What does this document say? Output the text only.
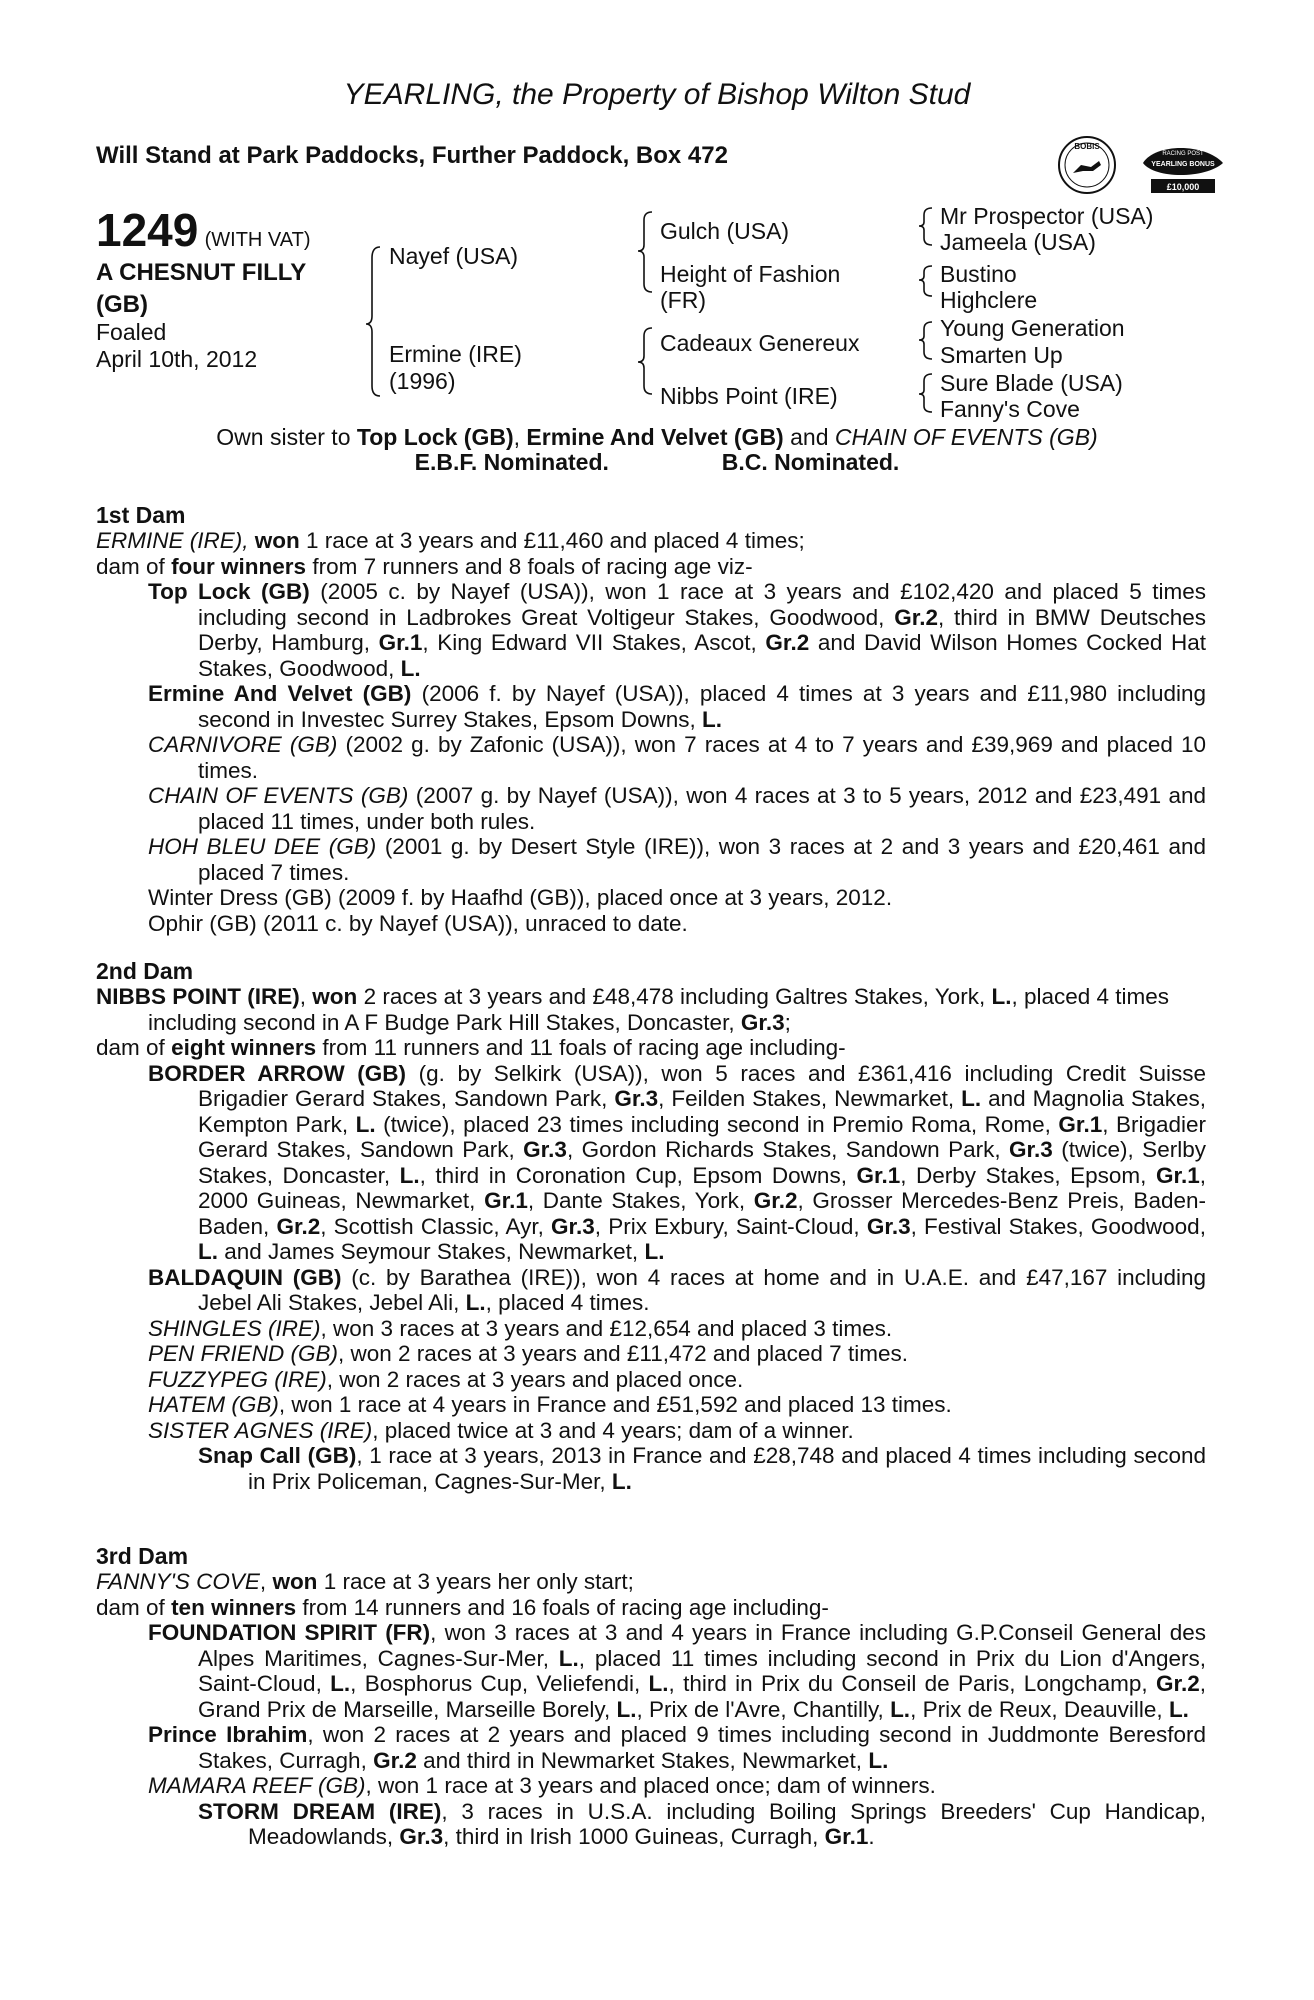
YEARLING, the Property of Bishop Wilton Stud
Will Stand at Park Paddocks, Further Paddock, Box 472	BOBIS
RACING POST
YEARLING BONUS
£10,000
1249 (WITH VAT)
A CHESNUT FILLY
(GB)
Foaled
April 10th, 2012
Nayef (USA)
Ermine (IRE)
(1996)
Gulch (USA)
Height of Fashion
(FR)
Cadeaux Genereux
Nibbs Point (IRE)
Mr Prospector (USA)
Jameela (USA)
Bustino
Highclere
Young Generation
Smarten Up
Sure Blade (USA)
Fanny's Cove
Own sister to Top Lock (GB), Ermine And Velvet (GB) and CHAIN OF EVENTS (GB)
E.B.F. Nominated.	B.C. Nominated.
1st Dam
ERMINE (IRE), won 1 race at 3 years and £11,460 and placed 4 times;
dam of four winners from 7 runners and 8 foals of racing age viz-
Top Lock (GB) (2005 c. by Nayef (USA)), won 1 race at 3 years and £102,420 and placed 5 times including second in Ladbrokes Great Voltigeur Stakes, Goodwood, Gr.2, third in BMW Deutsches Derby, Hamburg, Gr.1, King Edward VII Stakes, Ascot, Gr.2 and David Wilson Homes Cocked Hat Stakes, Goodwood, L.
Ermine And Velvet (GB) (2006 f. by Nayef (USA)), placed 4 times at 3 years and £11,980 including second in Investec Surrey Stakes, Epsom Downs, L.
CARNIVORE (GB) (2002 g. by Zafonic (USA)), won 7 races at 4 to 7 years and £39,969 and placed 10 times.
CHAIN OF EVENTS (GB) (2007 g. by Nayef (USA)), won 4 races at 3 to 5 years, 2012 and £23,491 and placed 11 times, under both rules.
HOH BLEU DEE (GB) (2001 g. by Desert Style (IRE)), won 3 races at 2 and 3 years and £20,461 and placed 7 times.
Winter Dress (GB) (2009 f. by Haafhd (GB)), placed once at 3 years, 2012.
Ophir (GB) (2011 c. by Nayef (USA)), unraced to date.
2nd Dam
NIBBS POINT (IRE), won 2 races at 3 years and £48,478 including Galtres Stakes, York, L., placed 4 times including second in A F Budge Park Hill Stakes, Doncaster, Gr.3;
dam of eight winners from 11 runners and 11 foals of racing age including-
BORDER ARROW (GB) (g. by Selkirk (USA)), won 5 races and £361,416 including Credit Suisse Brigadier Gerard Stakes, Sandown Park, Gr.3, Feilden Stakes, Newmarket, L. and Magnolia Stakes, Kempton Park, L. (twice), placed 23 times including second in Premio Roma, Rome, Gr.1, Brigadier Gerard Stakes, Sandown Park, Gr.3, Gordon Richards Stakes, Sandown Park, Gr.3 (twice), Serlby Stakes, Doncaster, L., third in Coronation Cup, Epsom Downs, Gr.1, Derby Stakes, Epsom, Gr.1, 2000 Guineas, Newmarket, Gr.1, Dante Stakes, York, Gr.2, Grosser Mercedes-Benz Preis, Baden-Baden, Gr.2, Scottish Classic, Ayr, Gr.3, Prix Exbury, Saint-Cloud, Gr.3, Festival Stakes, Goodwood, L. and James Seymour Stakes, Newmarket, L.
BALDAQUIN (GB) (c. by Barathea (IRE)), won 4 races at home and in U.A.E. and £47,167 including Jebel Ali Stakes, Jebel Ali, L., placed 4 times.
SHINGLES (IRE), won 3 races at 3 years and £12,654 and placed 3 times.
PEN FRIEND (GB), won 2 races at 3 years and £11,472 and placed 7 times.
FUZZYPEG (IRE), won 2 races at 3 years and placed once.
HATEM (GB), won 1 race at 4 years in France and £51,592 and placed 13 times.
SISTER AGNES (IRE), placed twice at 3 and 4 years; dam of a winner.
Snap Call (GB), 1 race at 3 years, 2013 in France and £28,748 and placed 4 times including second in Prix Policeman, Cagnes-Sur-Mer, L.
3rd Dam
FANNY'S COVE, won 1 race at 3 years her only start;
dam of ten winners from 14 runners and 16 foals of racing age including-
FOUNDATION SPIRIT (FR), won 3 races at 3 and 4 years in France including G.P.Conseil General des Alpes Maritimes, Cagnes-Sur-Mer, L., placed 11 times including second in Prix du Lion d'Angers, Saint-Cloud, L., Bosphorus Cup, Veliefendi, L., third in Prix du Conseil de Paris, Longchamp, Gr.2, Grand Prix de Marseille, Marseille Borely, L., Prix de l'Avre, Chantilly, L., Prix de Reux, Deauville, L.
Prince Ibrahim, won 2 races at 2 years and placed 9 times including second in Juddmonte Beresford Stakes, Curragh, Gr.2 and third in Newmarket Stakes, Newmarket, L.
MAMARA REEF (GB), won 1 race at 3 years and placed once; dam of winners.
STORM DREAM (IRE), 3 races in U.S.A. including Boiling Springs Breeders' Cup Handicap, Meadowlands, Gr.3, third in Irish 1000 Guineas, Curragh, Gr.1.
